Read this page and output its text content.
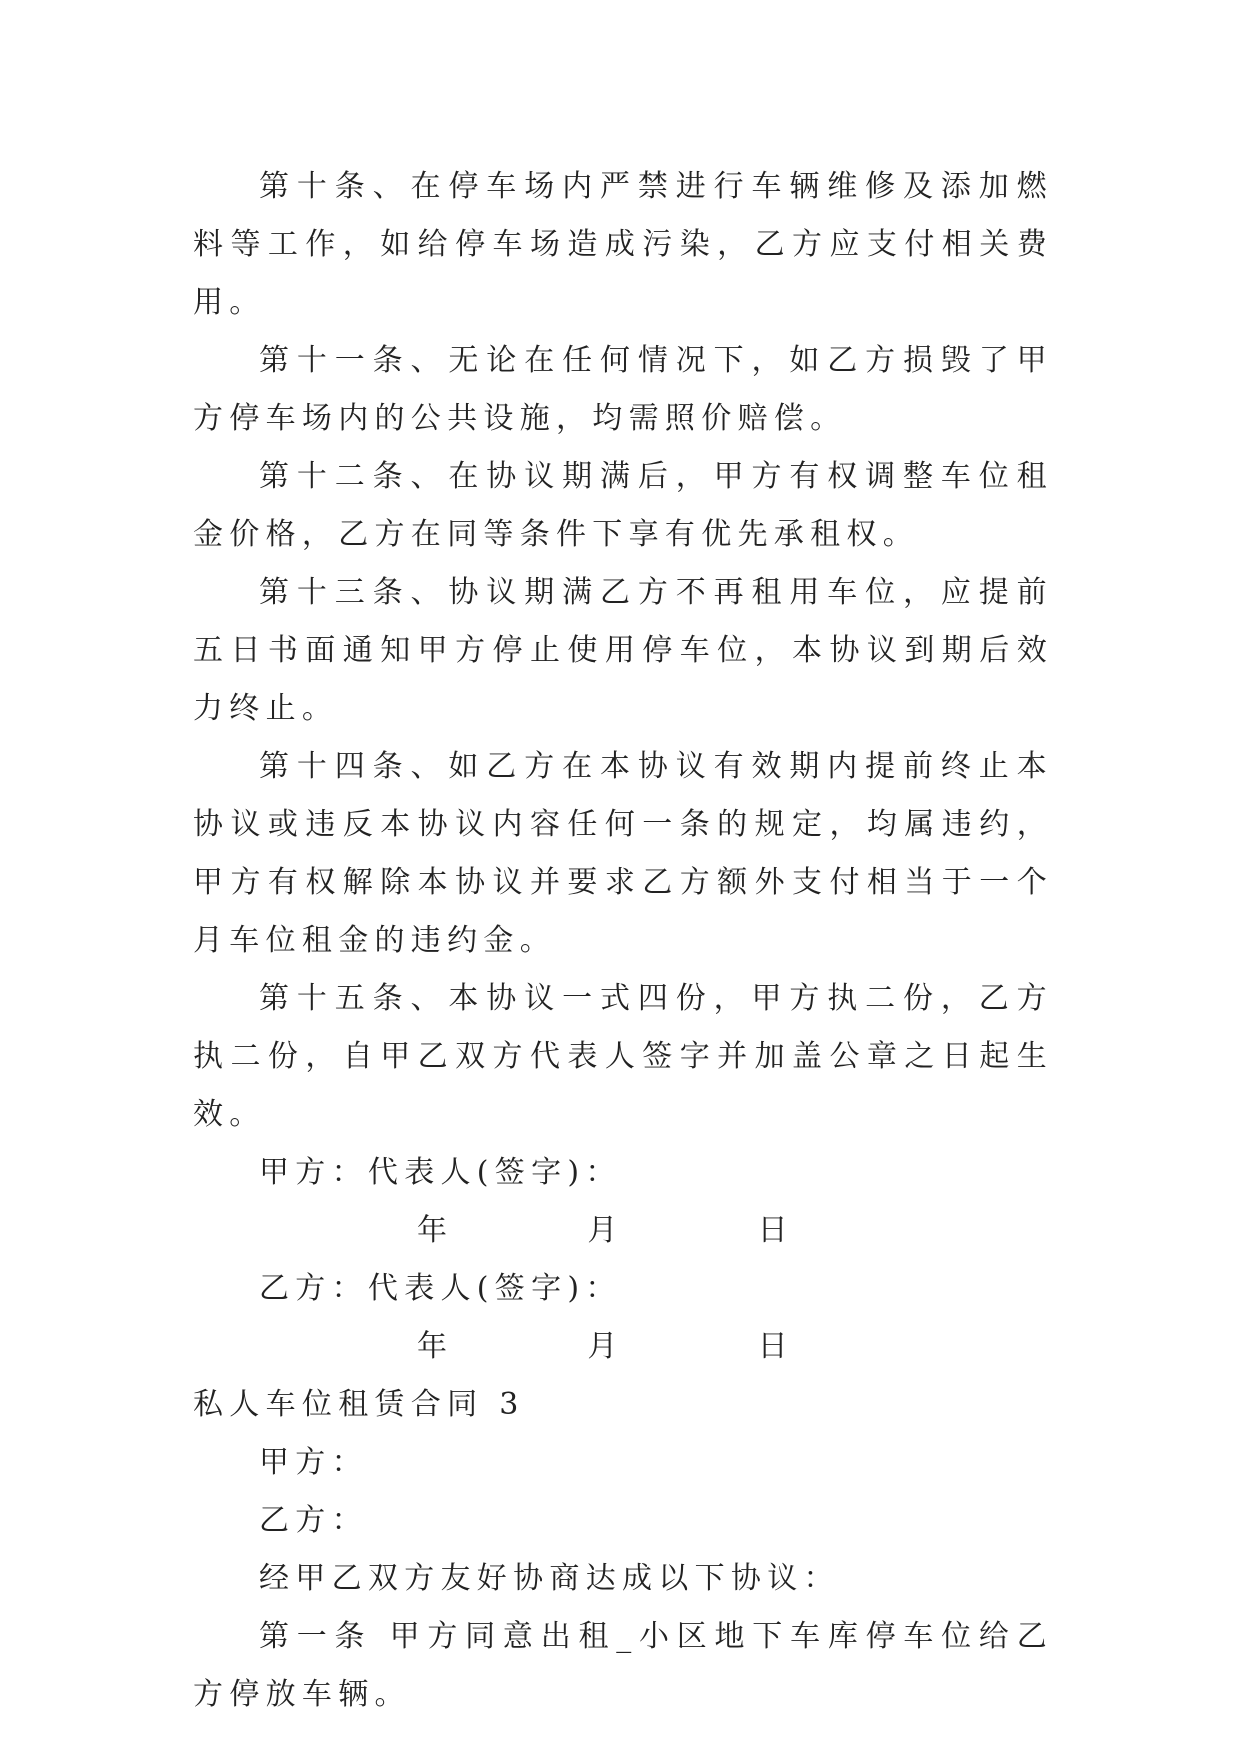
第十条、在停车场内严禁进行车辆维修及添加燃料等工作，如给停车场造成污染，乙方应支付相关费用。

第十一条、无论在任何情况下，如乙方损毁了甲方停车场内的公共设施，均需照价赔偿。

第十二条、在协议期满后，甲方有权调整车位租金价格，乙方在同等条件下享有优先承租权。

第十三条、协议期满乙方不再租用车位，应提前五日书面通知甲方停止使用停车位，本协议到期后效力终止。

第十四条、如乙方在本协议有效期内提前终止本协议或违反本协议内容任何一条的规定，均属违约，甲方有权解除本协议并要求乙方额外支付相当于一个月车位租金的违约金。

第十五条、本协议一式四份，甲方执二份，乙方执二份，自甲乙双方代表人签字并加盖公章之日起生效。

甲方：代表人(签字)：

年	月	日

乙方：代表人(签字)：

年	月	日

私人车位租赁合同 3

甲方：

乙方：

经甲乙双方友好协商达成以下协议：

第一条 甲方同意出租_小区地下车库停车位给乙方停放车辆。
